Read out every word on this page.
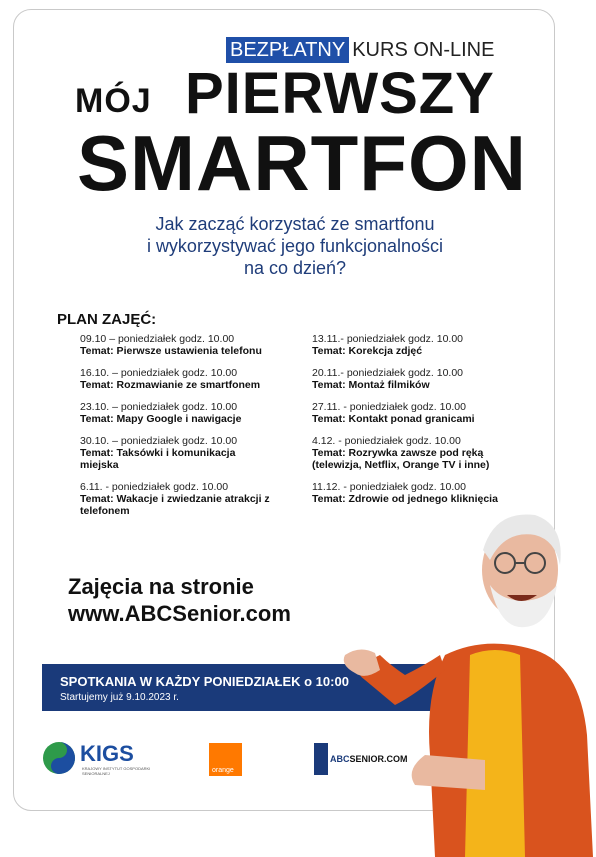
BEZPŁATNY KURS ON-LINE
MÓJ PIERWSZY
SMARTFON
Jak zacząć korzystać ze smartfonu
i wykorzystywać jego funkcjonalności
na co dzień?
PLAN ZAJĘĆ:
09.10 – poniedziałek godz. 10.00
Temat: Pierwsze ustawienia telefonu
16.10. – poniedziałek godz. 10.00
Temat: Rozmawianie ze smartfonem
23.10. – poniedziałek godz. 10.00
Temat: Mapy Google i nawigacje
30.10. – poniedziałek godz. 10.00
Temat: Taksówki i komunikacja miejska
6.11. - poniedziałek godz. 10.00
Temat: Wakacje i zwiedzanie atrakcji z telefonem
13.11.- poniedziałek godz. 10.00
Temat: Korekcja zdjęć
20.11.- poniedziałek godz. 10.00
Temat: Montaż filmików
27.11. - poniedziałek godz. 10.00
Temat: Kontakt ponad granicami
4.12. - poniedziałek godz. 10.00
Temat: Rozrywka zawsze pod ręką (telewizja, Netflix, Orange TV i inne)
11.12. - poniedziałek godz. 10.00
Temat: Zdrowie od jednego kliknięcia
Zajęcia na stronie
www.ABCSenior.com
SPOTKANIA W KAŻDY PONIEDZIAŁEK o 10:00
Startujemy już 9.10.2023 r.
KIGS
KRAJOWY INSTYTUT GOSPODARKI SENIORALNEJ	orange
ABCSENIOR.COM
